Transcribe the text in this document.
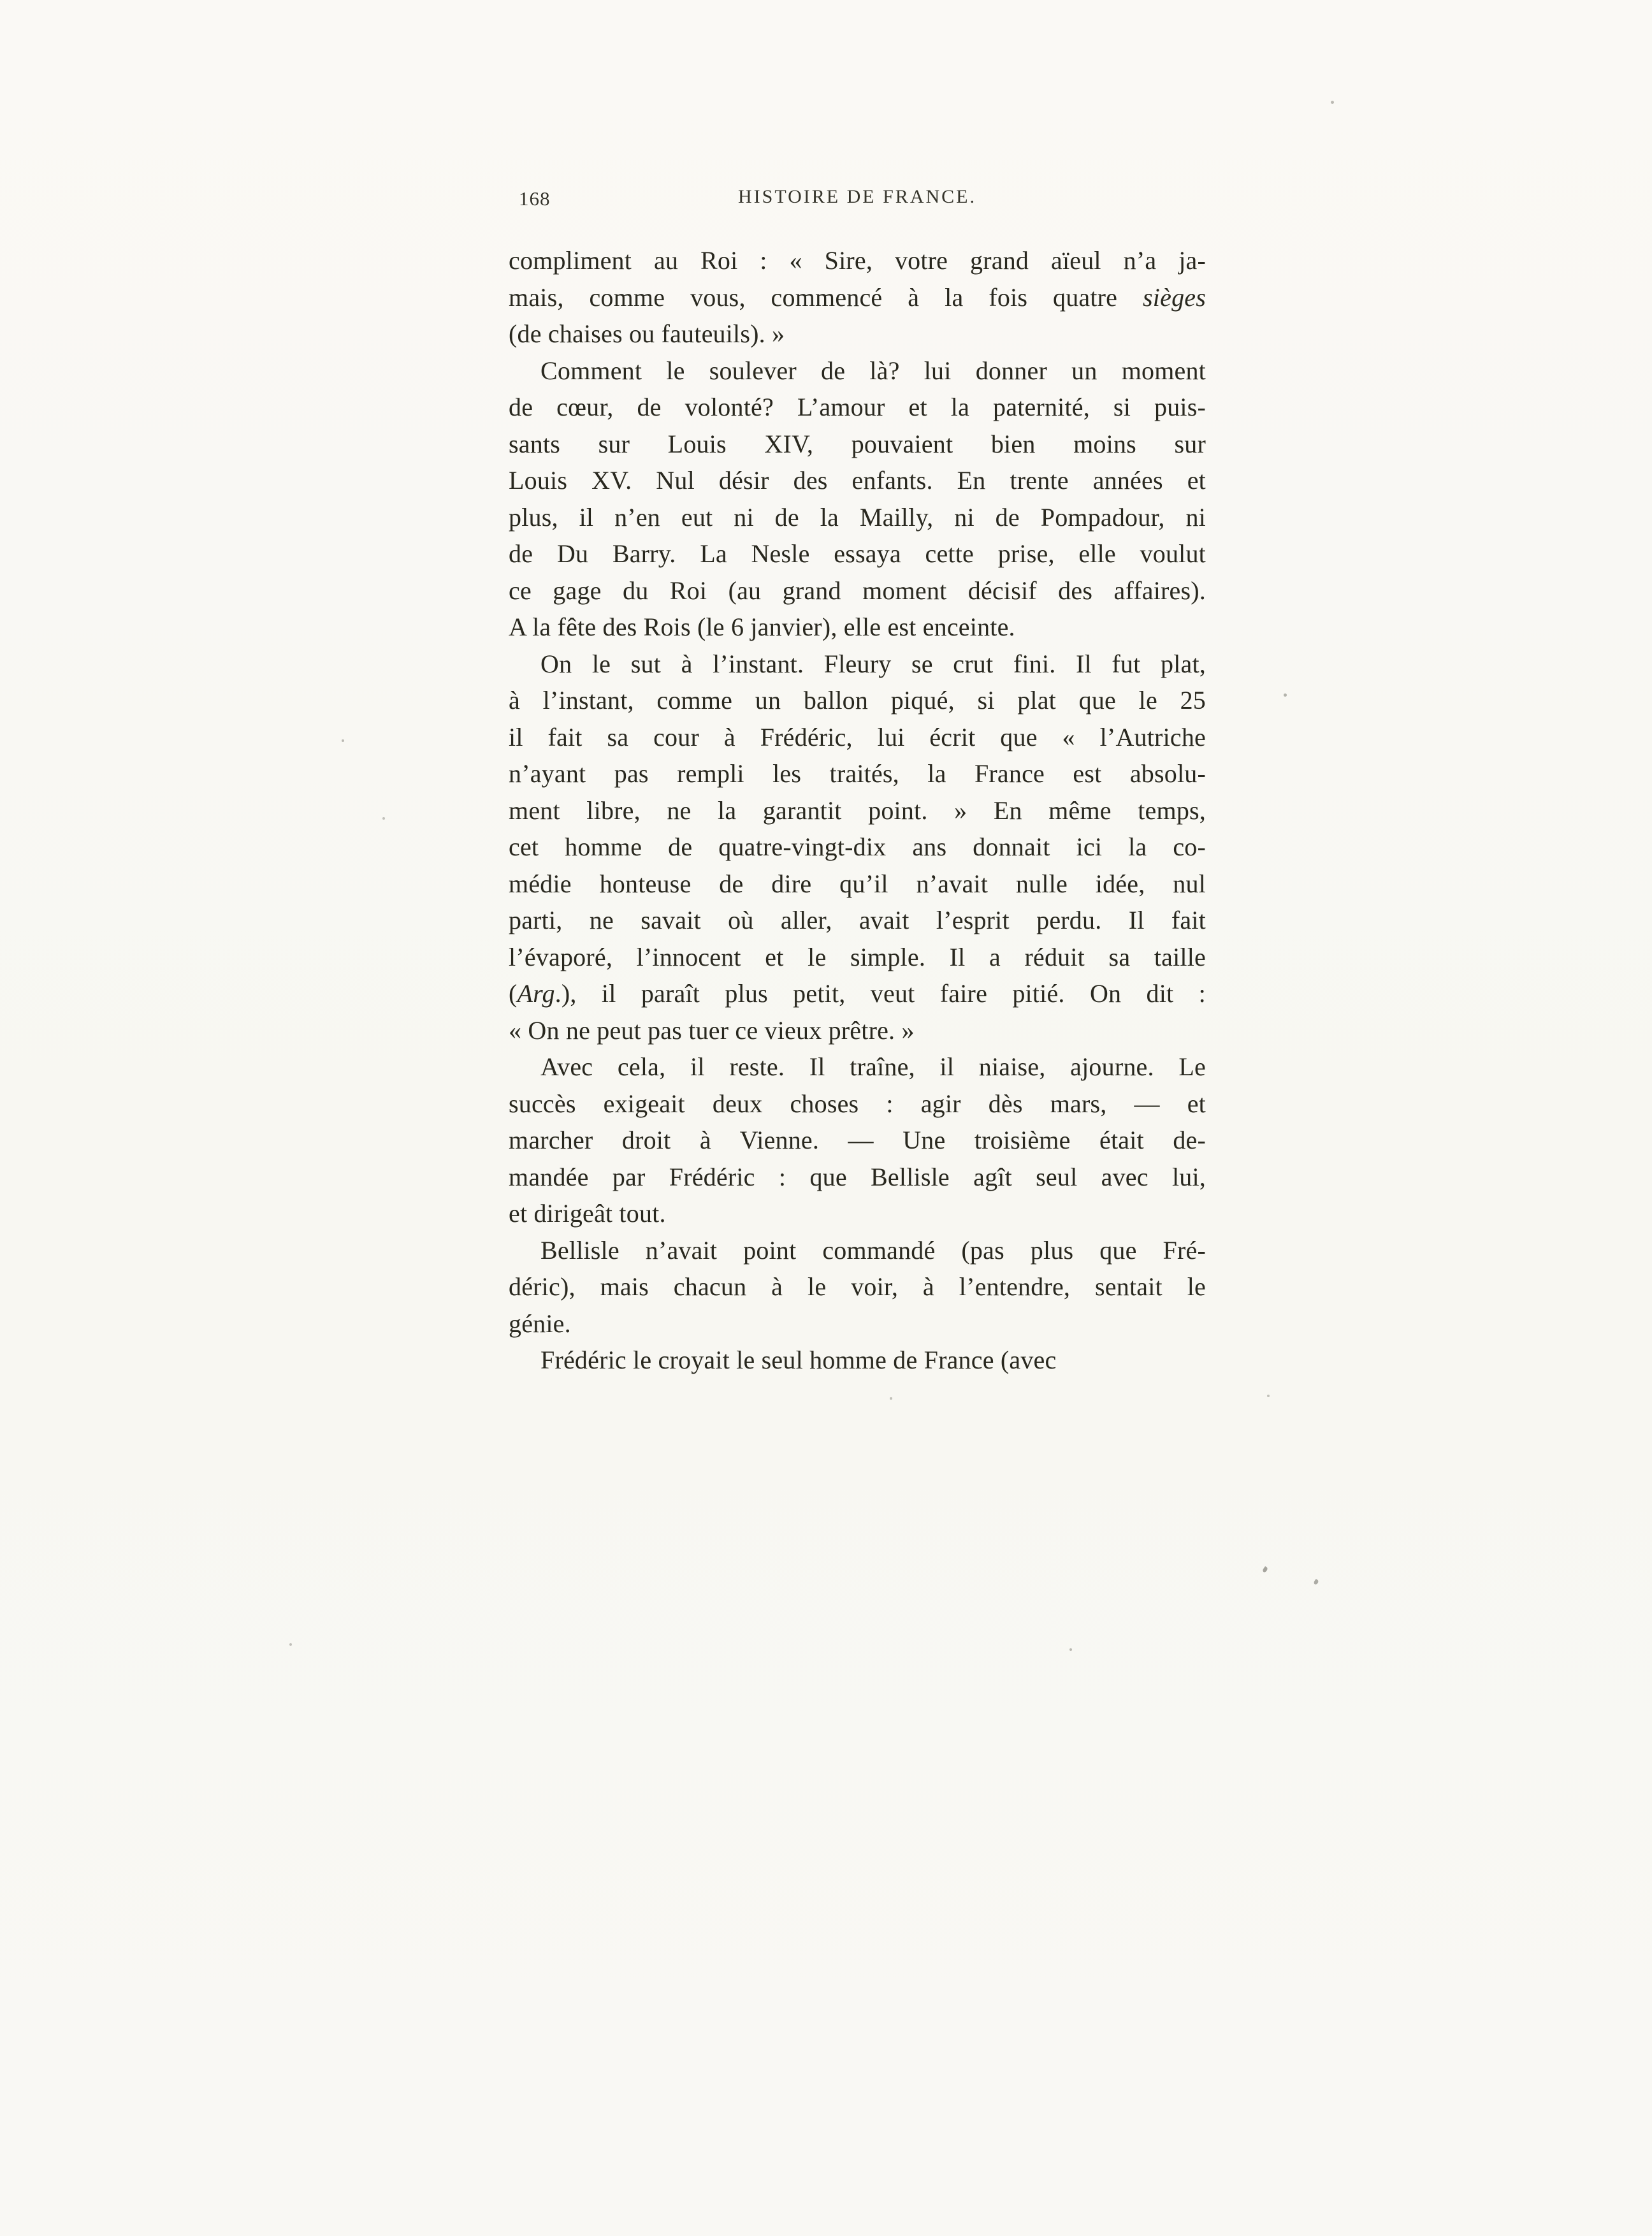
168	HISTOIRE DE FRANCE.
compliment au Roi : « Sire, votre grand aïeul n’a ja-
mais, comme vous, commencé à la fois quatre sièges
(de chaises ou fauteuils). »
Comment le soulever de là? lui donner un moment
de cœur, de volonté? L’amour et la paternité, si puis-
sants sur Louis XIV, pouvaient bien moins sur
Louis XV. Nul désir des enfants. En trente années et
plus, il n’en eut ni de la Mailly, ni de Pompadour, ni
de Du Barry. La Nesle essaya cette prise, elle voulut
ce gage du Roi (au grand moment décisif des affaires).
A la fête des Rois (le 6 janvier), elle est enceinte.
On le sut à l’instant. Fleury se crut fini. Il fut plat,
à l’instant, comme un ballon piqué, si plat que le 25
il fait sa cour à Frédéric, lui écrit que « l’Autriche
n’ayant pas rempli les traités, la France est absolu-
ment libre, ne la garantit point. » En même temps,
cet homme de quatre-vingt-dix ans donnait ici la co-
médie honteuse de dire qu’il n’avait nulle idée, nul
parti, ne savait où aller, avait l’esprit perdu. Il fait
l’évaporé, l’innocent et le simple. Il a réduit sa taille
(Arg.), il paraît plus petit, veut faire pitié. On dit :
« On ne peut pas tuer ce vieux prêtre. »
Avec cela, il reste. Il traîne, il niaise, ajourne. Le
succès exigeait deux choses : agir dès mars, — et
marcher droit à Vienne. — Une troisième était de-
mandée par Frédéric : que Bellisle agît seul avec lui,
et dirigeât tout.
Bellisle n’avait point commandé (pas plus que Fré-
déric), mais chacun à le voir, à l’entendre, sentait le
génie.
Frédéric le croyait le seul homme de France (avec
